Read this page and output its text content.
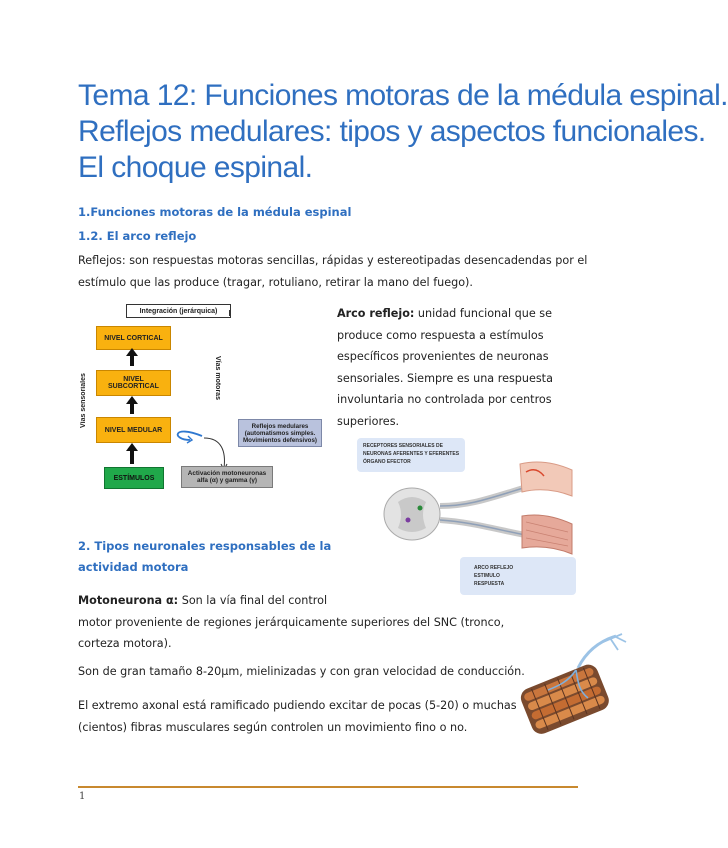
Tema 12: Funciones motoras de la médula espinal.
Reflejos medulares: tipos y aspectos funcionales.
El choque espinal.
1.Funciones motoras de la médula espinal
1.2. El arco reflejo
Reflejos: son respuestas motoras sencillas, rápidas y estereotipadas desencadendas por el
estímulo que las produce (tragar, rotuliano, retirar la mano del fuego).
Integración (jerárquica)
NIVEL CORTICAL
NIVEL SUBCORTICAL
NIVEL MEDULAR
ESTÍMULOS
Vías sensoriales	Vías motoras
Reflejos medulares (automatismos simples. Movimientos defensivos)
Activación motoneuronas alfa (α) y gamma (γ)
Arco reflejo: unidad funcional que se
produce como respuesta a estímulos
específicos provenientes de neuronas
sensoriales. Siempre es una respuesta
involuntaria no controlada por centros
superiores.
RECEPTORES SENSORIALES DE
NEURONAS AFERENTES Y EFERENTES
ÓRGANO EFECTOR
ARCO REFLEJO
ESTIMULO
RESPUESTA
2. Tipos neuronales responsables de la
actividad motora
Motoneurona α: Son la vía final del control
motor proveniente de regiones jerárquicamente superiores del SNC (tronco,
corteza motora).
Son de gran tamaño 8-20μm, mielinizadas y con gran velocidad de conducción.
El extremo axonal está ramificado pudiendo excitar de pocas (5-20) o muchas
(cientos) fibras musculares según controlen un movimiento fino o no.
1
